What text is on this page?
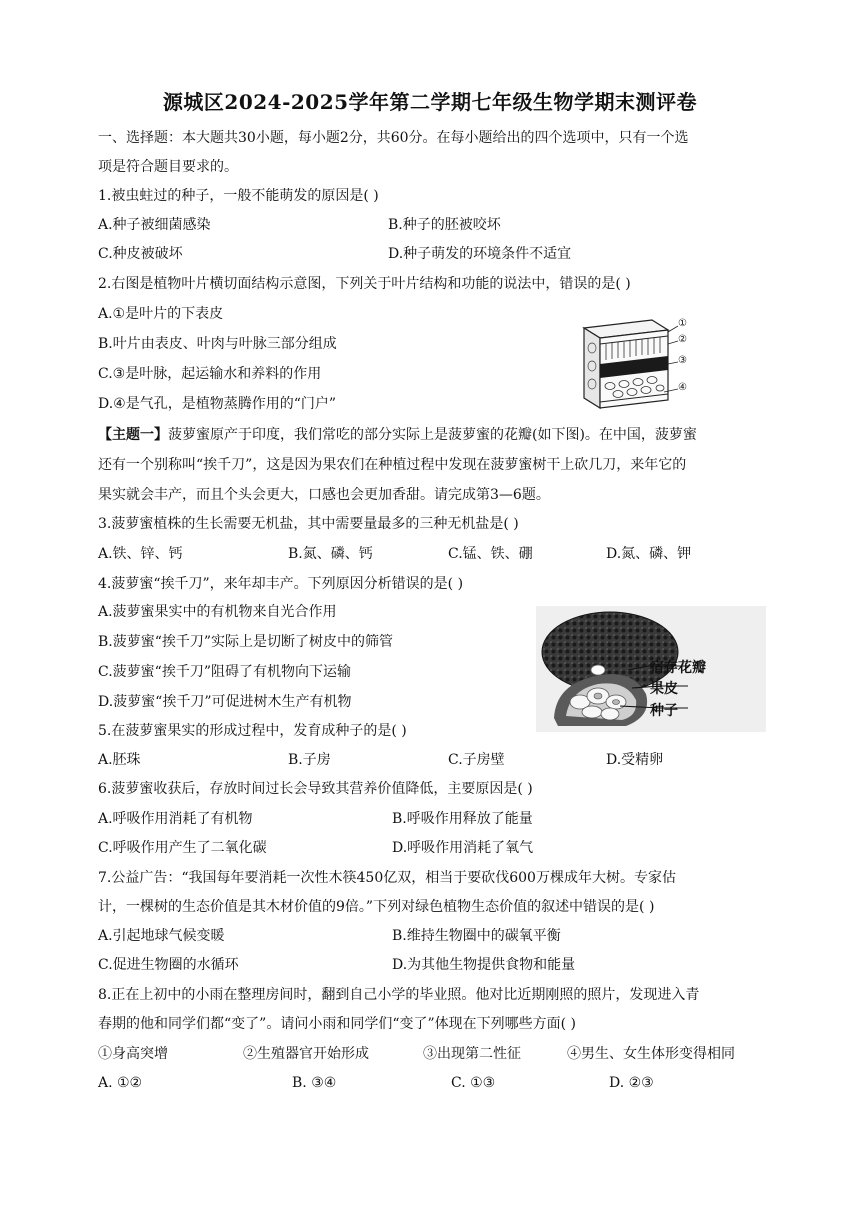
源城区2024-2025学年第二学期七年级生物学期末测评卷
一、选择题：本大题共30小题，每小题2分，共60分。在每小题给出的四个选项中，只有一个选
项是符合题目要求的。
1.被虫蛀过的种子，一般不能萌发的原因是( )
A.种子被细菌感染	B.种子的胚被咬坏
C.种皮被破坏	D.种子萌发的环境条件不适宜
2.右图是植物叶片横切面结构示意图，下列关于叶片结构和功能的说法中，错误的是( )
A.①是叶片的下表皮
B.叶片由表皮、叶肉与叶脉三部分组成
C.③是叶脉，起运输水和养料的作用
D.④是气孔，是植物蒸腾作用的“门户”
①
②
③
④
【主题一】菠萝蜜原产于印度，我们常吃的部分实际上是菠萝蜜的花瓣(如下图)。在中国，菠萝蜜
还有一个别称叫“挨千刀”，这是因为果农们在种植过程中发现在菠萝蜜树干上砍几刀，来年它的
果实就会丰产，而且个头会更大，口感也会更加香甜。请完成第3—6题。
3.菠萝蜜植株的生长需要无机盐，其中需要量最多的三种无机盐是( )
A.铁、锌、钙	B.氮、磷、钙	C.锰、铁、硼	D.氮、磷、钾
4.菠萝蜜“挨千刀”，来年却丰产。下列原因分析错误的是( )
A.菠萝蜜果实中的有机物来自光合作用
B.菠萝蜜“挨千刀”实际上是切断了树皮中的筛管
C.菠萝蜜“挨千刀”阻碍了有机物向下运输
D.菠萝蜜“挨千刀”可促进树木生产有机物
宿存花瓣
果皮
种子
5.在菠萝蜜果实的形成过程中，发育成种子的是( )
A.胚珠	B.子房	C.子房壁	D.受精卵
6.菠萝蜜收获后，存放时间过长会导致其营养价值降低，主要原因是( )
A.呼吸作用消耗了有机物	B.呼吸作用释放了能量
C.呼吸作用产生了二氧化碳	D.呼吸作用消耗了氧气
7.公益广告：“我国每年要消耗一次性木筷450亿双，相当于要砍伐600万棵成年大树。专家估
计，一棵树的生态价值是其木材价值的9倍。”下列对绿色植物生态价值的叙述中错误的是( )
A.引起地球气候变暖	B.维持生物圈中的碳氧平衡
C.促进生物圈的水循环	D.为其他生物提供食物和能量
8.正在上初中的小雨在整理房间时，翻到自己小学的毕业照。他对比近期刚照的照片，发现进入青
春期的他和同学们都“变了”。请问小雨和同学们“变了”体现在下列哪些方面( )
①身高突增	②生殖器官开始形成	③出现第二性征	④男生、女生体形变得相同
A. ①②	B. ③④	C. ①③	D. ②③
